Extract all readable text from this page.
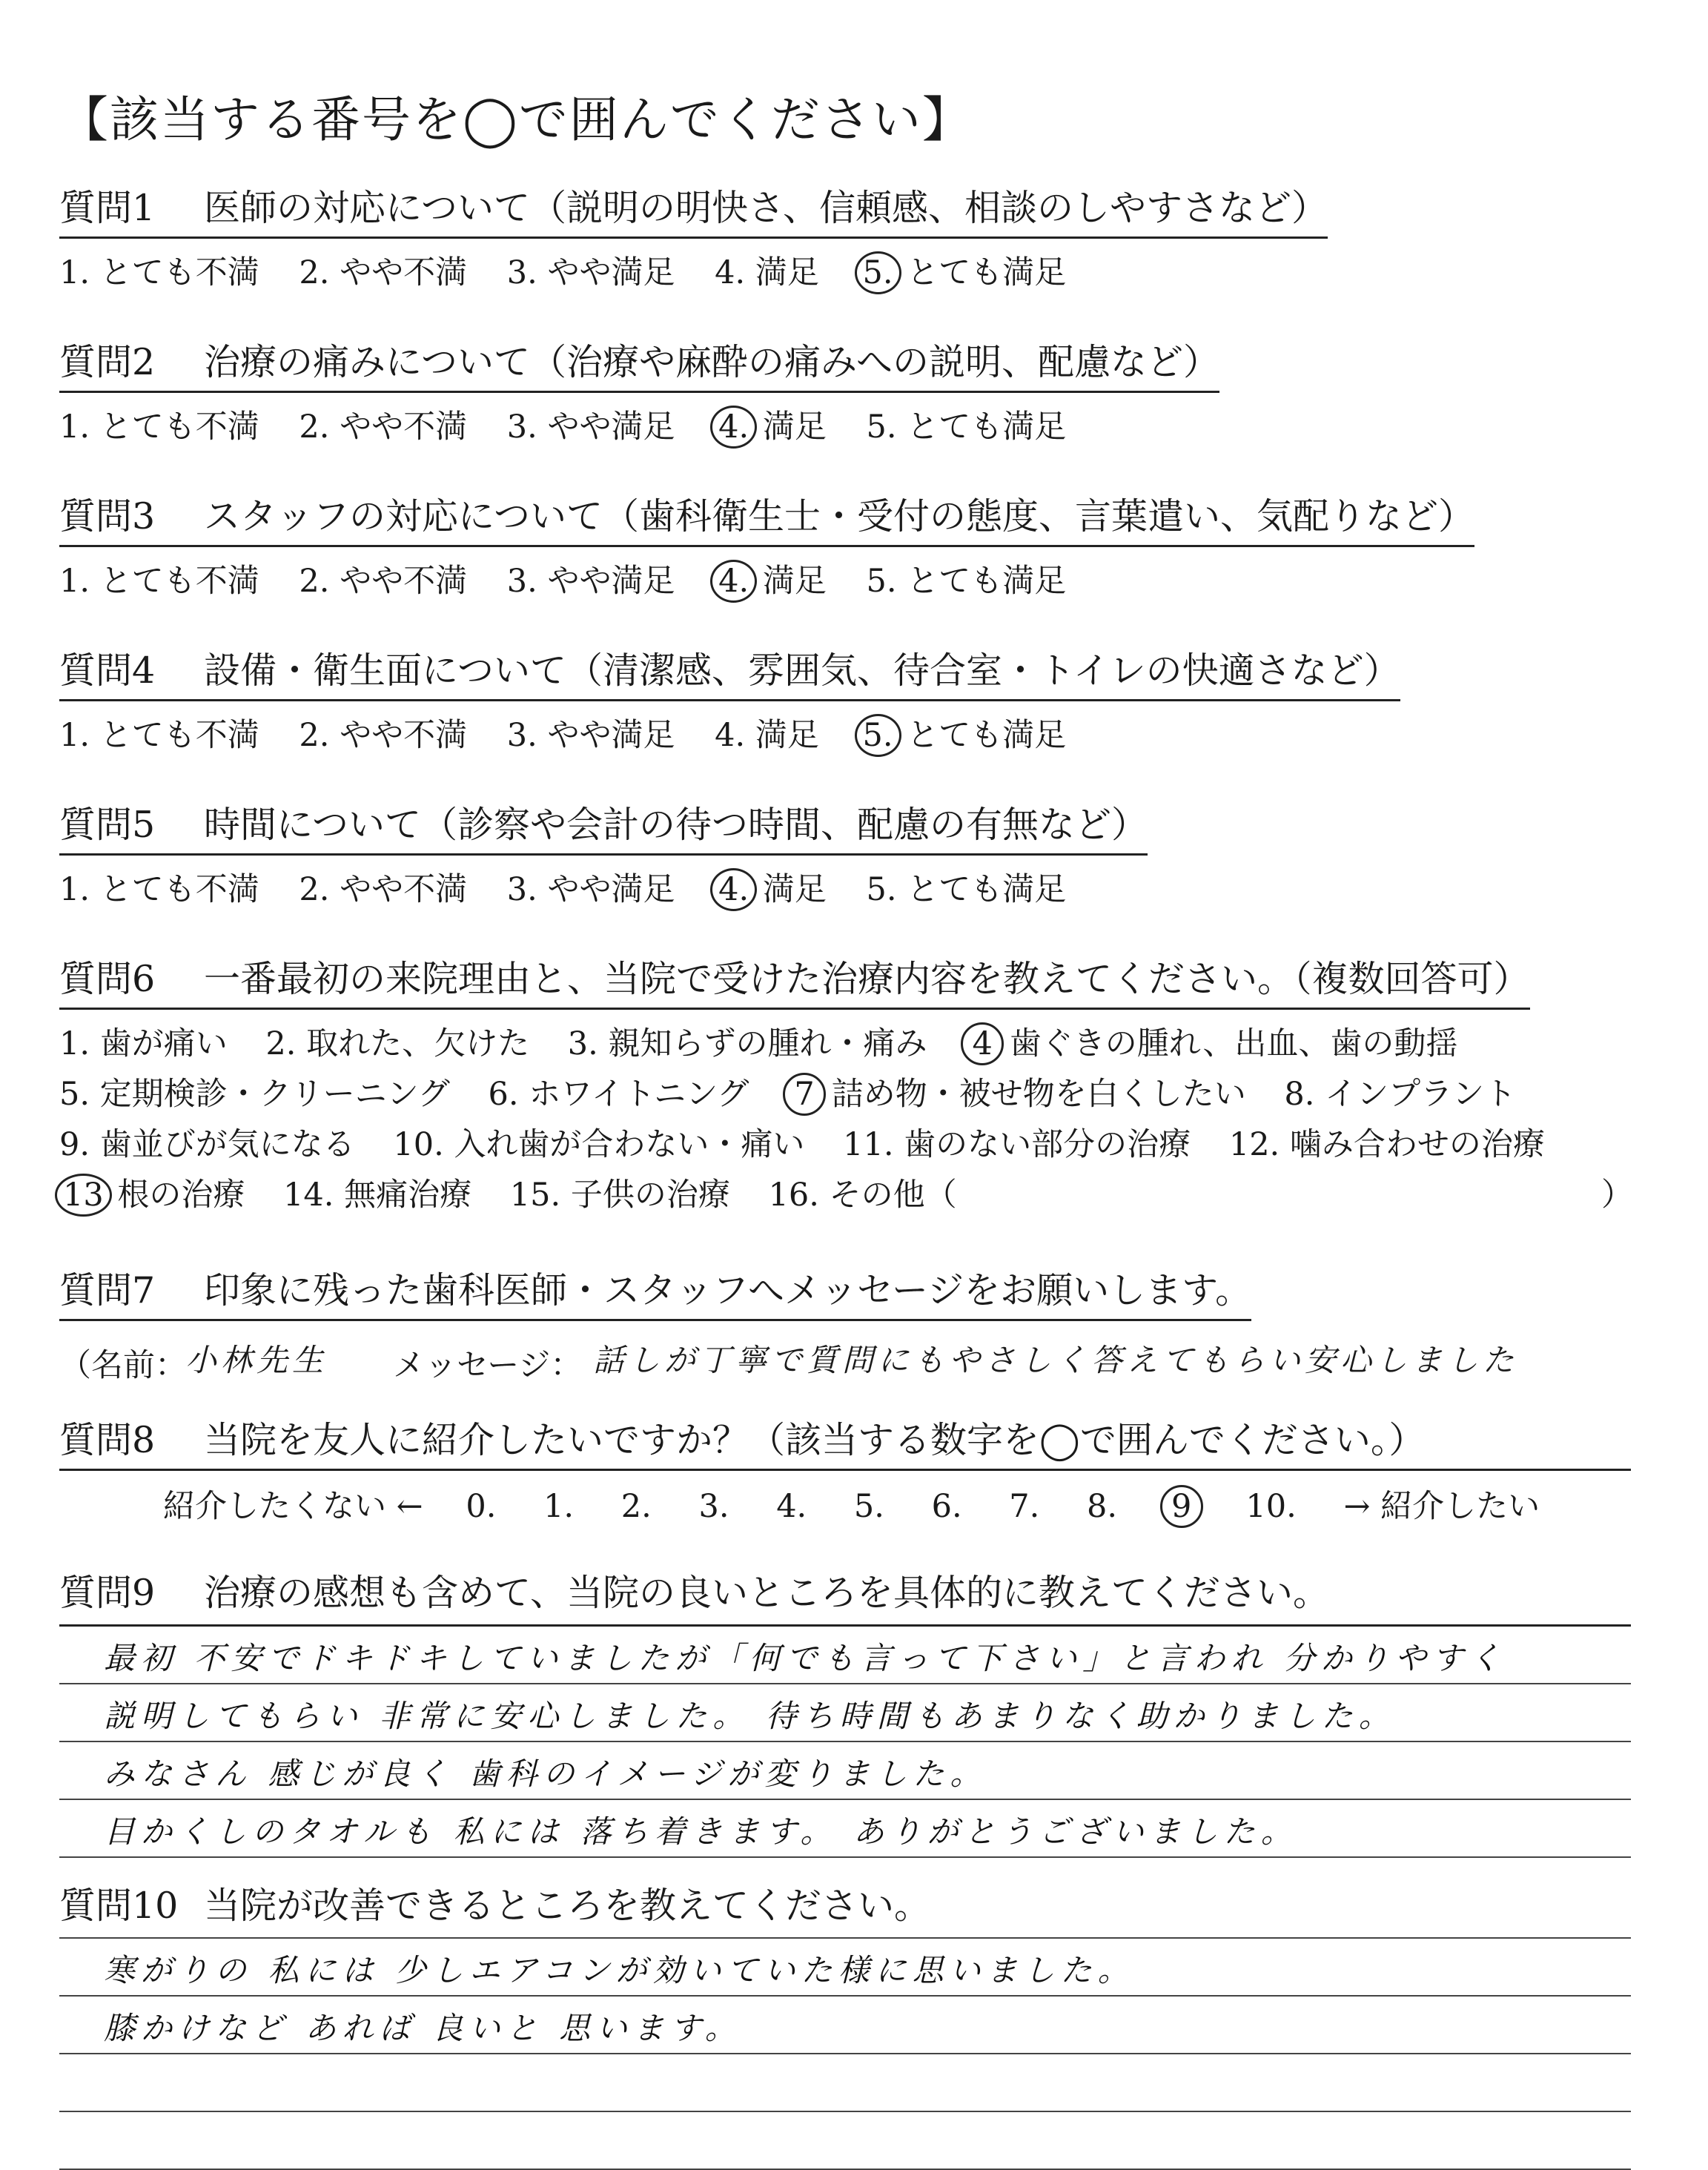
【該当する番号を◯で囲んでください】
質問1 医師の対応について（説明の明快さ、信頼感、相談のしやすさなど）
1. とても不満 2. やや不満 3. やや満足 4. 満足 5. とても満足
質問2 治療の痛みについて（治療や麻酔の痛みへの説明、配慮など）
1. とても不満 2. やや不満 3. やや満足 4. 満足 5. とても満足
質問3 スタッフの対応について（歯科衛生士・受付の態度、言葉遣い、気配りなど）
1. とても不満 2. やや不満 3. やや満足 4. 満足 5. とても満足
質問4 設備・衛生面について（清潔感、雰囲気、待合室・トイレの快適さなど）
1. とても不満 2. やや不満 3. やや満足 4. 満足 5. とても満足
質問5 時間について（診察や会計の待つ時間、配慮の有無など）
1. とても不満 2. やや不満 3. やや満足 4. 満足 5. とても満足
質問6 一番最初の来院理由と、当院で受けた治療内容を教えてください。（複数回答可）
1. 歯が痛い 2. 取れた、欠けた 3. 親知らずの腫れ・痛み 4 歯ぐきの腫れ、出血、歯の動揺
5. 定期検診・クリーニング 6. ホワイトニング 7 詰め物・被せ物を白くしたい 8. インプラント
9. 歯並びが気になる 10. 入れ歯が合わない・痛い 11. 歯のない部分の治療 12. 噛み合わせの治療
13 根の治療 14. 無痛治療 15. 子供の治療 16. その他（	）
質問7 印象に残った歯科医師・スタッフへメッセージをお願いします。
（名前：
小林先生 メッセージ： 話しが丁寧で質問にもやさしく答えてもらい安心しました
質問8 当院を友人に紹介したいですか？（該当する数字を◯で囲んでください。）
紹介したくない ← 0. 1. 2. 3. 4. 5. 6. 7. 8. 9 10. → 紹介したい
質問9 治療の感想も含めて、当院の良いところを具体的に教えてください。
最初 不安でドキドキしていましたが「何でも言って下さい」と言われ 分かりやすく
説明してもらい 非常に安心しました。 待ち時間もあまりなく助かりました。
みなさん 感じが良く 歯科のイメージが変りました。
目かくしのタオルも 私には 落ち着きます。 ありがとうございました。
質問10 当院が改善できるところを教えてください。
寒がりの 私には 少しエアコンが効いていた様に思いました。
膝かけなど あれば 良いと 思います。
